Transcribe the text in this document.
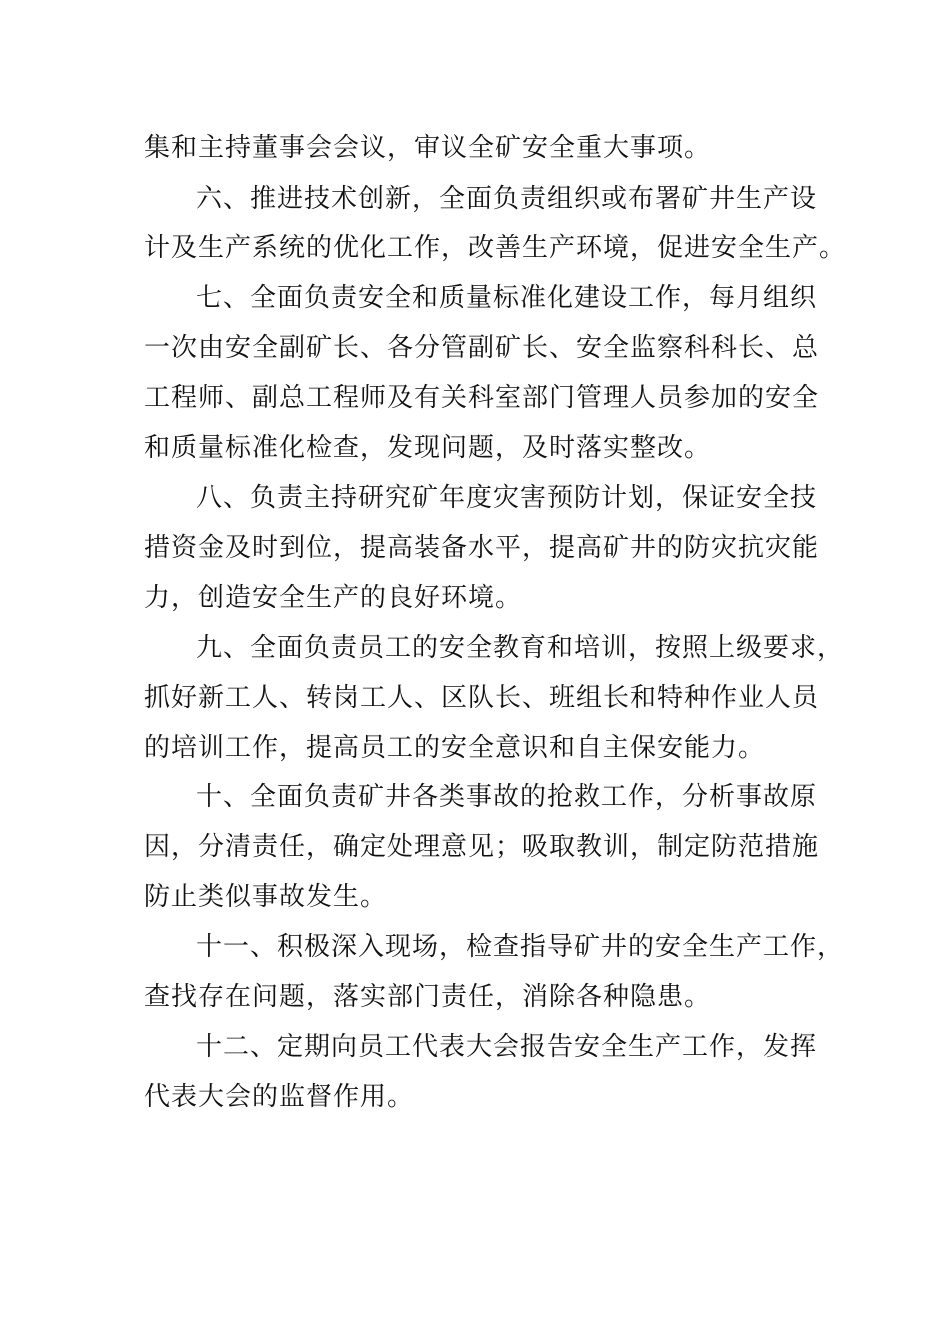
集和主持董事会会议，审议全矿安全重大事项。
六、推进技术创新，全面负责组织或布署矿井生产设
计及生产系统的优化工作，改善生产环境，促进安全生产。
七、全面负责安全和质量标准化建设工作，每月组织
一次由安全副矿长、各分管副矿长、安全监察科科长、总
工程师、副总工程师及有关科室部门管理人员参加的安全
和质量标准化检查，发现问题，及时落实整改。
八、负责主持研究矿年度灾害预防计划，保证安全技
措资金及时到位，提高装备水平，提高矿井的防灾抗灾能
力，创造安全生产的良好环境。
九、全面负责员工的安全教育和培训，按照上级要求，
抓好新工人、转岗工人、区队长、班组长和特种作业人员
的培训工作，提高员工的安全意识和自主保安能力。
十、全面负责矿井各类事故的抢救工作，分析事故原
因，分清责任，确定处理意见；吸取教训，制定防范措施
防止类似事故发生。
十一、积极深入现场，检查指导矿井的安全生产工作，
查找存在问题，落实部门责任，消除各种隐患。
十二、定期向员工代表大会报告安全生产工作，发挥
代表大会的监督作用。
